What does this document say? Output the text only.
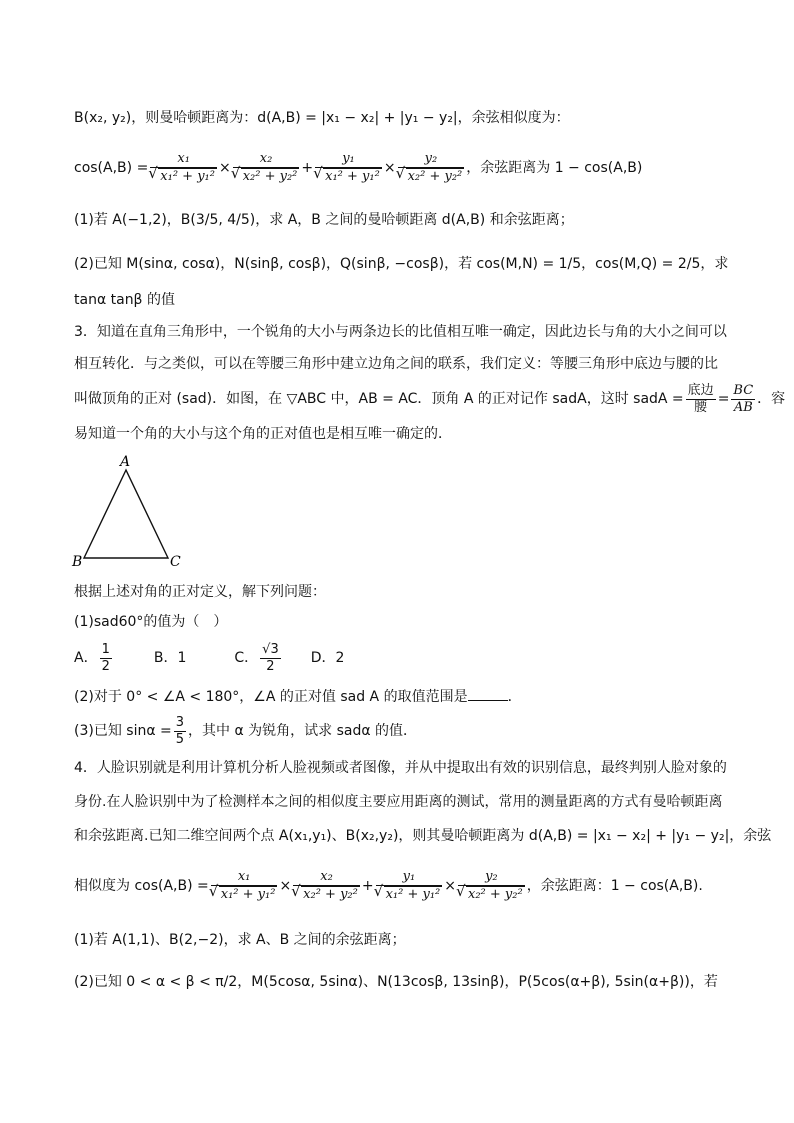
B(x₂, y₂)，则曼哈顿距离为：d(A,B) = |x₁ − x₂| + |y₁ − y₂|，余弦相似度为：
cos(A,B) = x₁
√ x₁² + y₁² × x₂
√ x₂² + y₂² + y₁
√ x₁² + y₁² × y₂
√ x₂² + y₂² ，余弦距离为 1 − cos(A,B)
(1)若 A(−1,2)，B(3/5, 4/5)，求 A，B 之间的曼哈顿距离 d(A,B) 和余弦距离；
(2)已知 M(sinα, cosα)，N(sinβ, cosβ)，Q(sinβ, −cosβ)，若 cos(M,N) = 1/5，cos(M,Q) = 2/5，求
tanα tanβ 的值
3．知道在直角三角形中，一个锐角的大小与两条边长的比值相互唯一确定，因此边长与角的大小之间可以
相互转化．与之类似，可以在等腰三角形中建立边角之间的联系，我们定义：等腰三角形中底边与腰的比
叫做顶角的正对 (sad)．如图，在 ▽ABC 中，AB = AC．顶角 A 的正对记作 sadA，这时 sadA = $\frac{\text{底边}}{\text{腰}} = \frac{BC}{AB}$ ．容
易知道一个角的大小与这个角的正对值也是相互唯一确定的．
A
B	C
根据上述对角的正对定义，解下列问题：
(1)sad60°的值为（　）
A． $\frac{1}{2}$	B．1	C． $\frac{√3}{2}$ D．2
(2)对于 0° < ∠A < 180°，∠A 的正对值 sad A 的取值范围是	．
(3)已知 $\sin\alpha = \frac{3}{5}$ ，其中 α 为锐角，试求 sadα 的值．
4．人脸识别就是利用计算机分析人脸视频或者图像，并从中提取出有效的识别信息，最终判别人脸对象的
身份.在人脸识别中为了检测样本之间的相似度主要应用距离的测试，常用的测量距离的方式有曼哈顿距离
和余弦距离.已知二维空间两个点 A(x₁,y₁)、B(x₂,y₂)，则其曼哈顿距离为 d(A,B) = |x₁ − x₂| + |y₁ − y₂|，余弦
相似度为 cos(A,B) = x₁
√ x₁² + y₁² × x₂
√ x₂² + y₂² + y₁
√ x₁² + y₁² × y₂
√ x₂² + y₂² ，余弦距离：1 − cos(A,B).
(1)若 A(1,1)、B(2,−2)，求 A、B 之间的余弦距离；
(2)已知 0 < α < β < π/2，M(5cosα, 5sinα)、N(13cosβ, 13sinβ)，P(5cos(α+β), 5sin(α+β))，若
